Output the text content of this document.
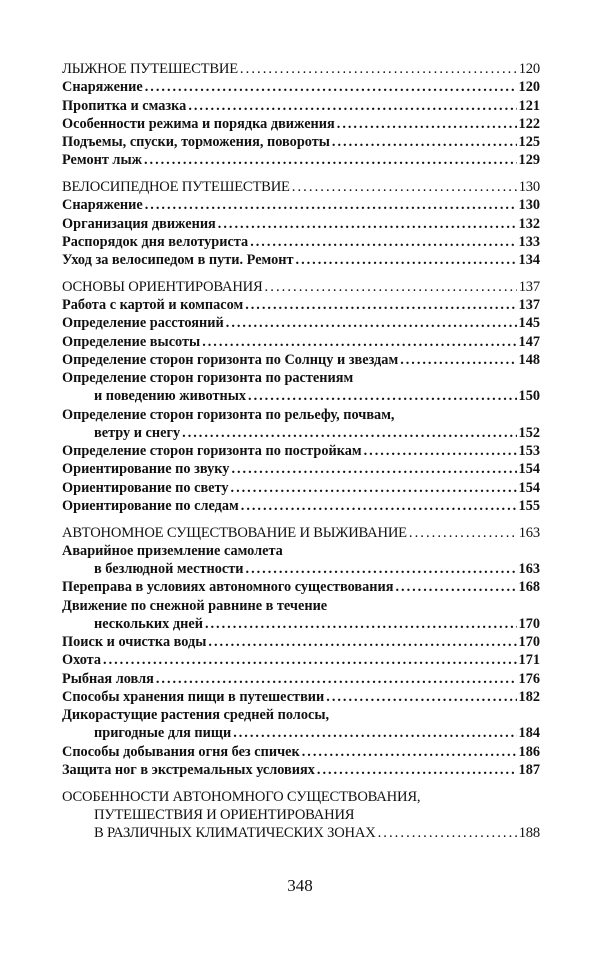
ЛЫЖНОЕ ПУТЕШЕСТВИЕ . . .	120
Снаряжение . . .	120
Пропитка и смазка . . .	121
Особенности режима и порядка движения . . .	122
Подъемы, спуски, торможения, повороты . . .	125
Ремонт лыж . . .	129
ВЕЛОСИПЕДНОЕ ПУТЕШЕСТВИЕ . . .	130
Снаряжение . . .	130
Организация движения . . .	132
Распорядок дня велотуриста . . .	133
Уход за велосипедом в пути. Ремонт . . .	134
ОСНОВЫ ОРИЕНТИРОВАНИЯ . . .	137
Работа с картой и компасом . . .	137
Определение расстояний . . .	145
Определение высоты . . .	147
Определение сторон горизонта по Солнцу и звездам . . .	148
Определение сторон горизонта по растениям
и поведению животных . . .	150
Определение сторон горизонта по рельефу, почвам,
ветру и снегу . . .	152
Определение сторон горизонта по постройкам . . .	153
Ориентирование по звуку . . .	154
Ориентирование по свету . . .	154
Ориентирование по следам . . .	155
АВТОНОМНОЕ СУЩЕСТВОВАНИЕ И ВЫЖИВАНИЕ . . .	163
Аварийное приземление самолета
в безлюдной местности . . .	163
Переправа в условиях автономного существования . . .	168
Движение по снежной равнине в течение
нескольких дней . . .	170
Поиск и очистка воды . . .	170
Охота . . .	171
Рыбная ловля . . .	176
Способы хранения пищи в путешествии . . .	182
Дикорастущие растения средней полосы,
пригодные для пищи . . .	184
Способы добывания огня без спичек . . .	186
Защита ног в экстремальных условиях . . .	187
ОСОБЕННОСТИ АВТОНОМНОГО СУЩЕСТВОВАНИЯ,
ПУТЕШЕСТВИЯ И ОРИЕНТИРОВАНИЯ
В РАЗЛИЧНЫХ КЛИМАТИЧЕСКИХ ЗОНАХ . . .	188
348
